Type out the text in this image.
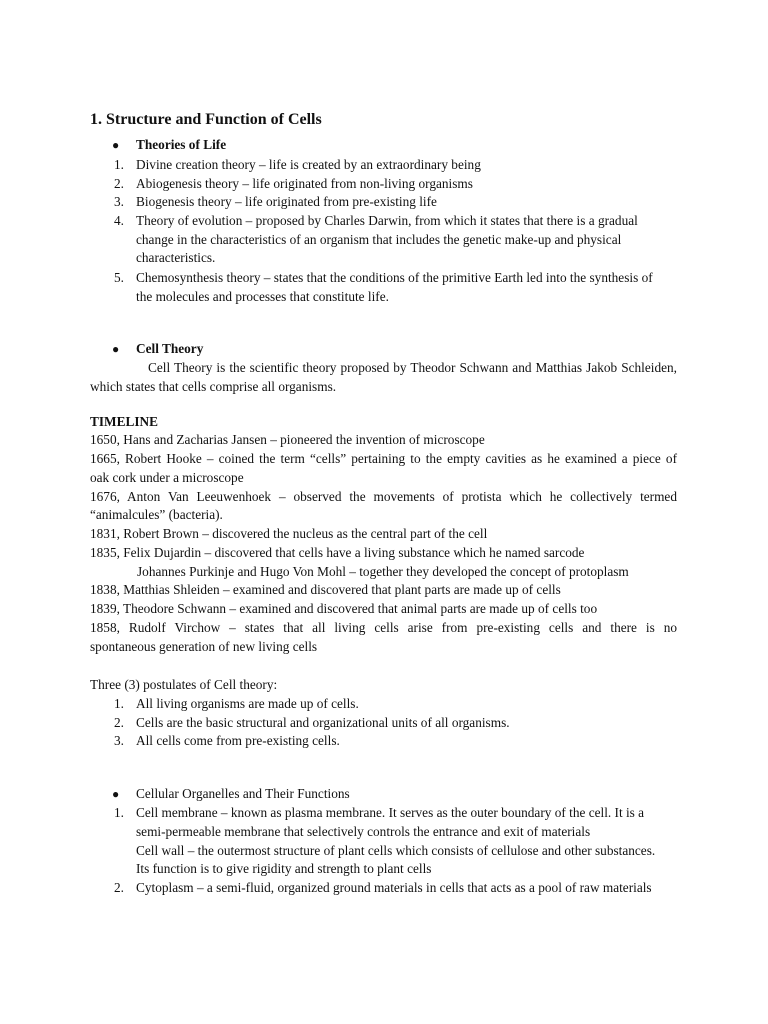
1. Structure and Function of Cells
● Theories of Life
1. Divine creation theory – life is created by an extraordinary being
2. Abiogenesis theory – life originated from non-living organisms
3. Biogenesis theory – life originated from pre-existing life
4. Theory of evolution – proposed by Charles Darwin, from which it states that there is a gradual
change in the characteristics of an organism that includes the genetic make-up and physical
characteristics.
5. Chemosynthesis theory – states that the conditions of the primitive Earth led into the synthesis of
the molecules and processes that constitute life.
● Cell Theory
Cell Theory is the scientific theory proposed by Theodor Schwann and Matthias Jakob Schleiden,
which states that cells comprise all organisms.
TIMELINE
1650, Hans and Zacharias Jansen – pioneered the invention of microscope
1665, Robert Hooke – coined the term “cells” pertaining to the empty cavities as he examined a piece of
oak cork under a microscope
1676, Anton Van Leeuwenhoek – observed the movements of protista which he collectively termed
“animalcules” (bacteria).
1831, Robert Brown – discovered the nucleus as the central part of the cell
1835, Felix Dujardin – discovered that cells have a living substance which he named sarcode
Johannes Purkinje and Hugo Von Mohl – together they developed the concept of protoplasm
1838, Matthias Shleiden – examined and discovered that plant parts are made up of cells
1839, Theodore Schwann – examined and discovered that animal parts are made up of cells too
1858, Rudolf Virchow – states that all living cells arise from pre-existing cells and there is no
spontaneous generation of new living cells
Three (3) postulates of Cell theory:
1. All living organisms are made up of cells.
2. Cells are the basic structural and organizational units of all organisms.
3. All cells come from pre-existing cells.
● Cellular Organelles and Their Functions
1. Cell membrane – known as plasma membrane. It serves as the outer boundary of the cell. It is a
semi-permeable membrane that selectively controls the entrance and exit of materials
Cell wall – the outermost structure of plant cells which consists of cellulose and other substances.
Its function is to give rigidity and strength to plant cells
2. Cytoplasm – a semi-fluid, organized ground materials in cells that acts as a pool of raw materials
